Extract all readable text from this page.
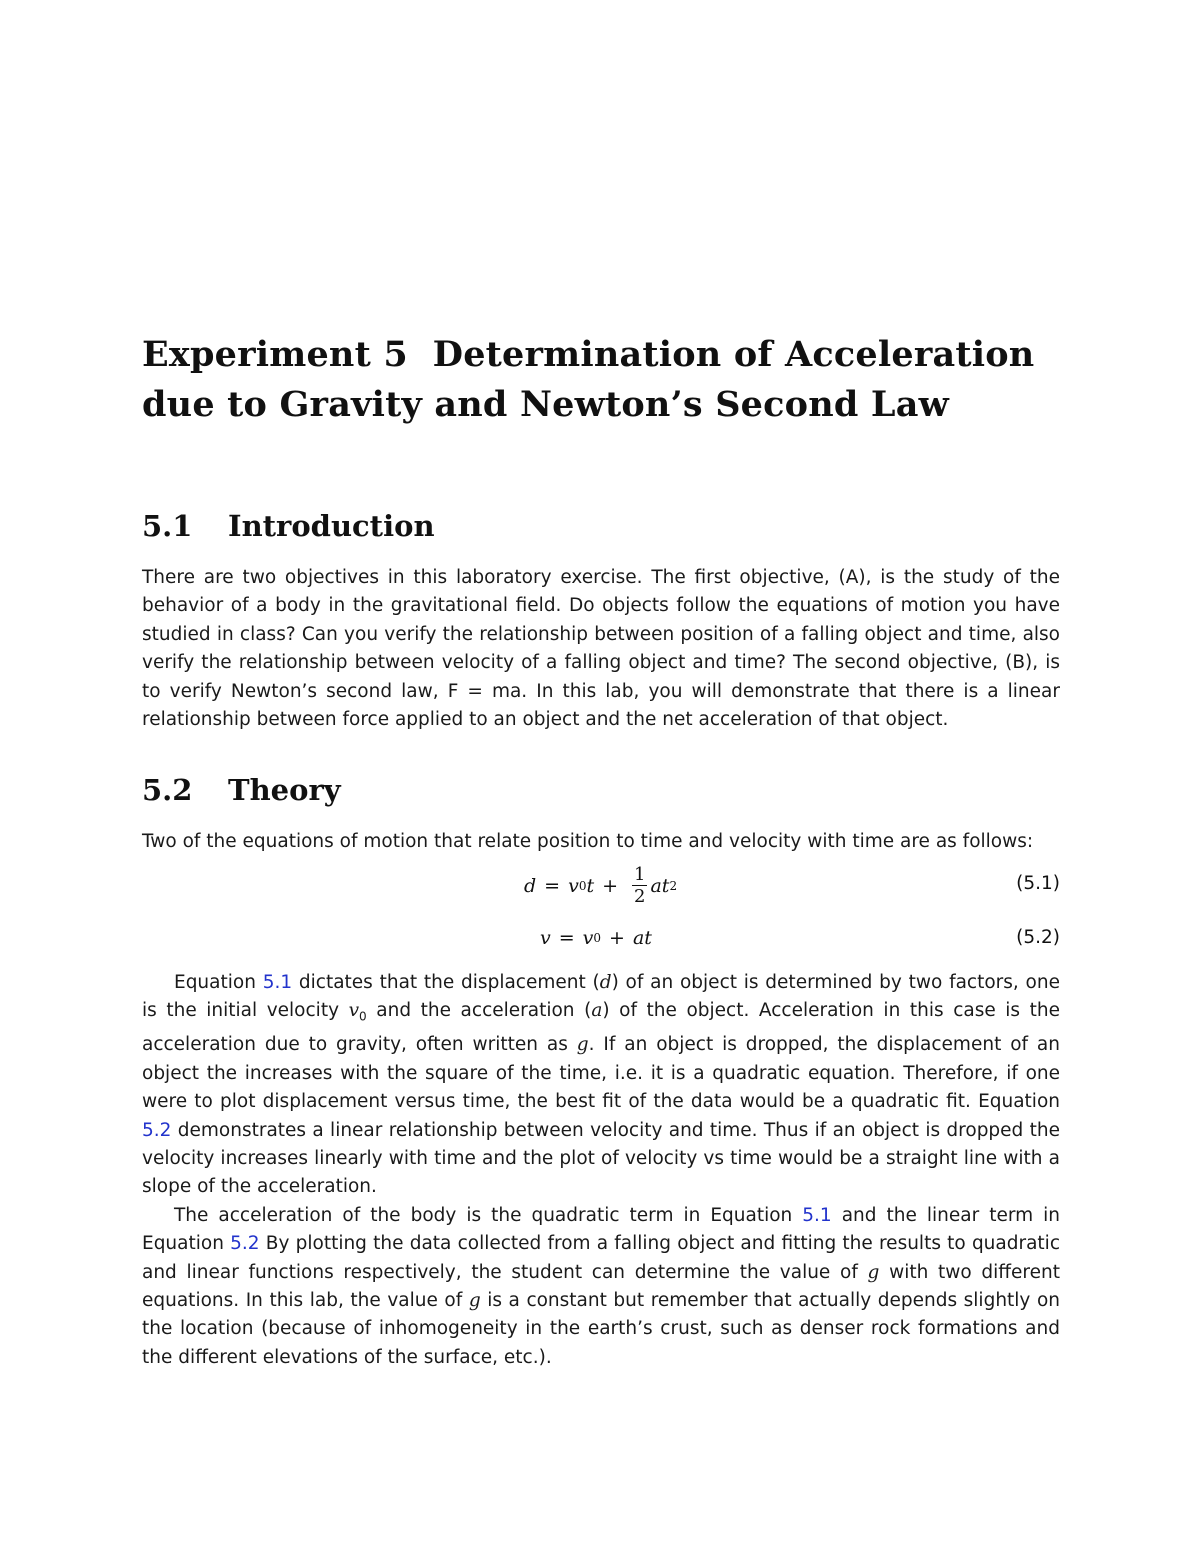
Experiment 5  Determination of Acceleration
due to Gravity and Newton’s Second Law
5.1	Introduction

There are two objectives in this laboratory exercise. The first objective, (A), is the study of the behavior of a body in the gravitational field. Do objects follow the equations of motion you have studied in class? Can you verify the relationship between position of a falling object and time, also verify the relationship between velocity of a falling object and time? The second objective, (B), is to verify Newton’s second law, F = ma. In this lab, you will demonstrate that there is a linear relationship between force applied to an object and the net acceleration of that object.

5.2	Theory

Two of the equations of motion that relate position to time and velocity with time are as follows:

d = v 0 $t + \frac{1}{2}$ at 2	(5.1)
v = v 0 + at	(5.2)

Equation 5.1 dictates that the displacement (d) of an object is determined by two factors, one is the initial velocity $v_0$ and the acceleration (a) of the object. Acceleration in this case is the acceleration due to gravity, often written as g. If an object is dropped, the displacement of an object the increases with the square of the time, i.e. it is a quadratic equation. Therefore, if one were to plot displacement versus time, the best fit of the data would be a quadratic fit. Equation 5.2 demonstrates a linear relationship between velocity and time. Thus if an object is dropped the velocity increases linearly with time and the plot of velocity vs time would be a straight line with a slope of the acceleration.

The acceleration of the body is the quadratic term in Equation 5.1 and the linear term in Equation 5.2 By plotting the data collected from a falling object and fitting the results to quadratic and linear functions respectively, the student can determine the value of g with two different equations. In this lab, the value of g is a constant but remember that actually depends slightly on the location (because of inhomogeneity in the earth’s crust, such as denser rock formations and the different elevations of the surface, etc.).
